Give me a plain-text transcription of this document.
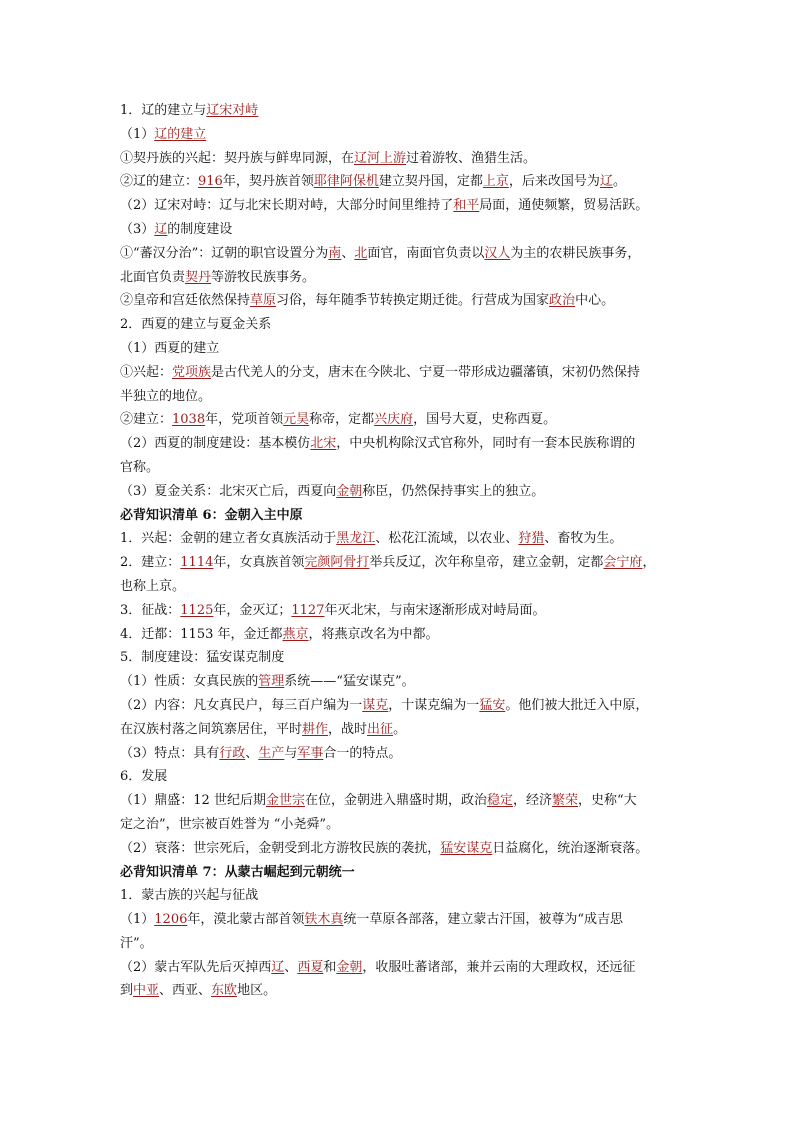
1．辽的建立与辽宋对峙
（1）辽的建立
①契丹族的兴起：契丹族与鲜卑同源，在辽河上游过着游牧、渔猎生活。
②辽的建立：916年，契丹族首领耶律阿保机建立契丹国，定都上京，后来改国号为辽。
（2）辽宋对峙：辽与北宋长期对峙，大部分时间里维持了和平局面，通使频繁，贸易活跃。
（3）辽的制度建设
①“蕃汉分治”：辽朝的职官设置分为南、北面官，南面官负责以汉人为主的农耕民族事务，
北面官负责契丹等游牧民族事务。
②皇帝和宫廷依然保持草原习俗，每年随季节转换定期迁徙。行营成为国家政治中心。
2．西夏的建立与夏金关系
（1）西夏的建立
①兴起：党项族是古代羌人的分支，唐末在今陕北、宁夏一带形成边疆藩镇，宋初仍然保持
半独立的地位。
②建立：1038年，党项首领元昊称帝，定都兴庆府，国号大夏，史称西夏。
（2）西夏的制度建设：基本模仿北宋，中央机构除汉式官称外，同时有一套本民族称谓的
官称。
（3）夏金关系：北宋灭亡后，西夏向金朝称臣，仍然保持事实上的独立。
必背知识清单 6：金朝入主中原
1．兴起：金朝的建立者女真族活动于黑龙江、松花江流域，以农业、狩猎、畜牧为生。
2．建立：1114年，女真族首领完颜阿骨打举兵反辽，次年称皇帝，建立金朝，定都会宁府，
也称上京。
3．征战：1125年，金灭辽；1127年灭北宋，与南宋逐渐形成对峙局面。
4．迁都：1153 年，金迁都燕京，将燕京改名为中都。
5．制度建设：猛安谋克制度
（1）性质：女真民族的管理系统——“猛安谋克”。
（2）内容：凡女真民户，每三百户编为一谋克，十谋克编为一猛安。他们被大批迁入中原，
在汉族村落之间筑寨居住，平时耕作，战时出征。
（3）特点：具有行政、生产与军事合一的特点。
6．发展
（1）鼎盛：12 世纪后期金世宗在位，金朝进入鼎盛时期，政治稳定，经济繁荣，史称“大
定之治”，世宗被百姓誉为 “小尧舜”。
（2）衰落：世宗死后，金朝受到北方游牧民族的袭扰，猛安谋克日益腐化，统治逐渐衰落。
必背知识清单 7：从蒙古崛起到元朝统一
1．蒙古族的兴起与征战
（1）1206年，漠北蒙古部首领铁木真统一草原各部落，建立蒙古汗国，被尊为“成吉思
汗”。
（2）蒙古军队先后灭掉西辽、西夏和金朝，收服吐蕃诸部，兼并云南的大理政权，还远征
到中亚、西亚、东欧地区。
